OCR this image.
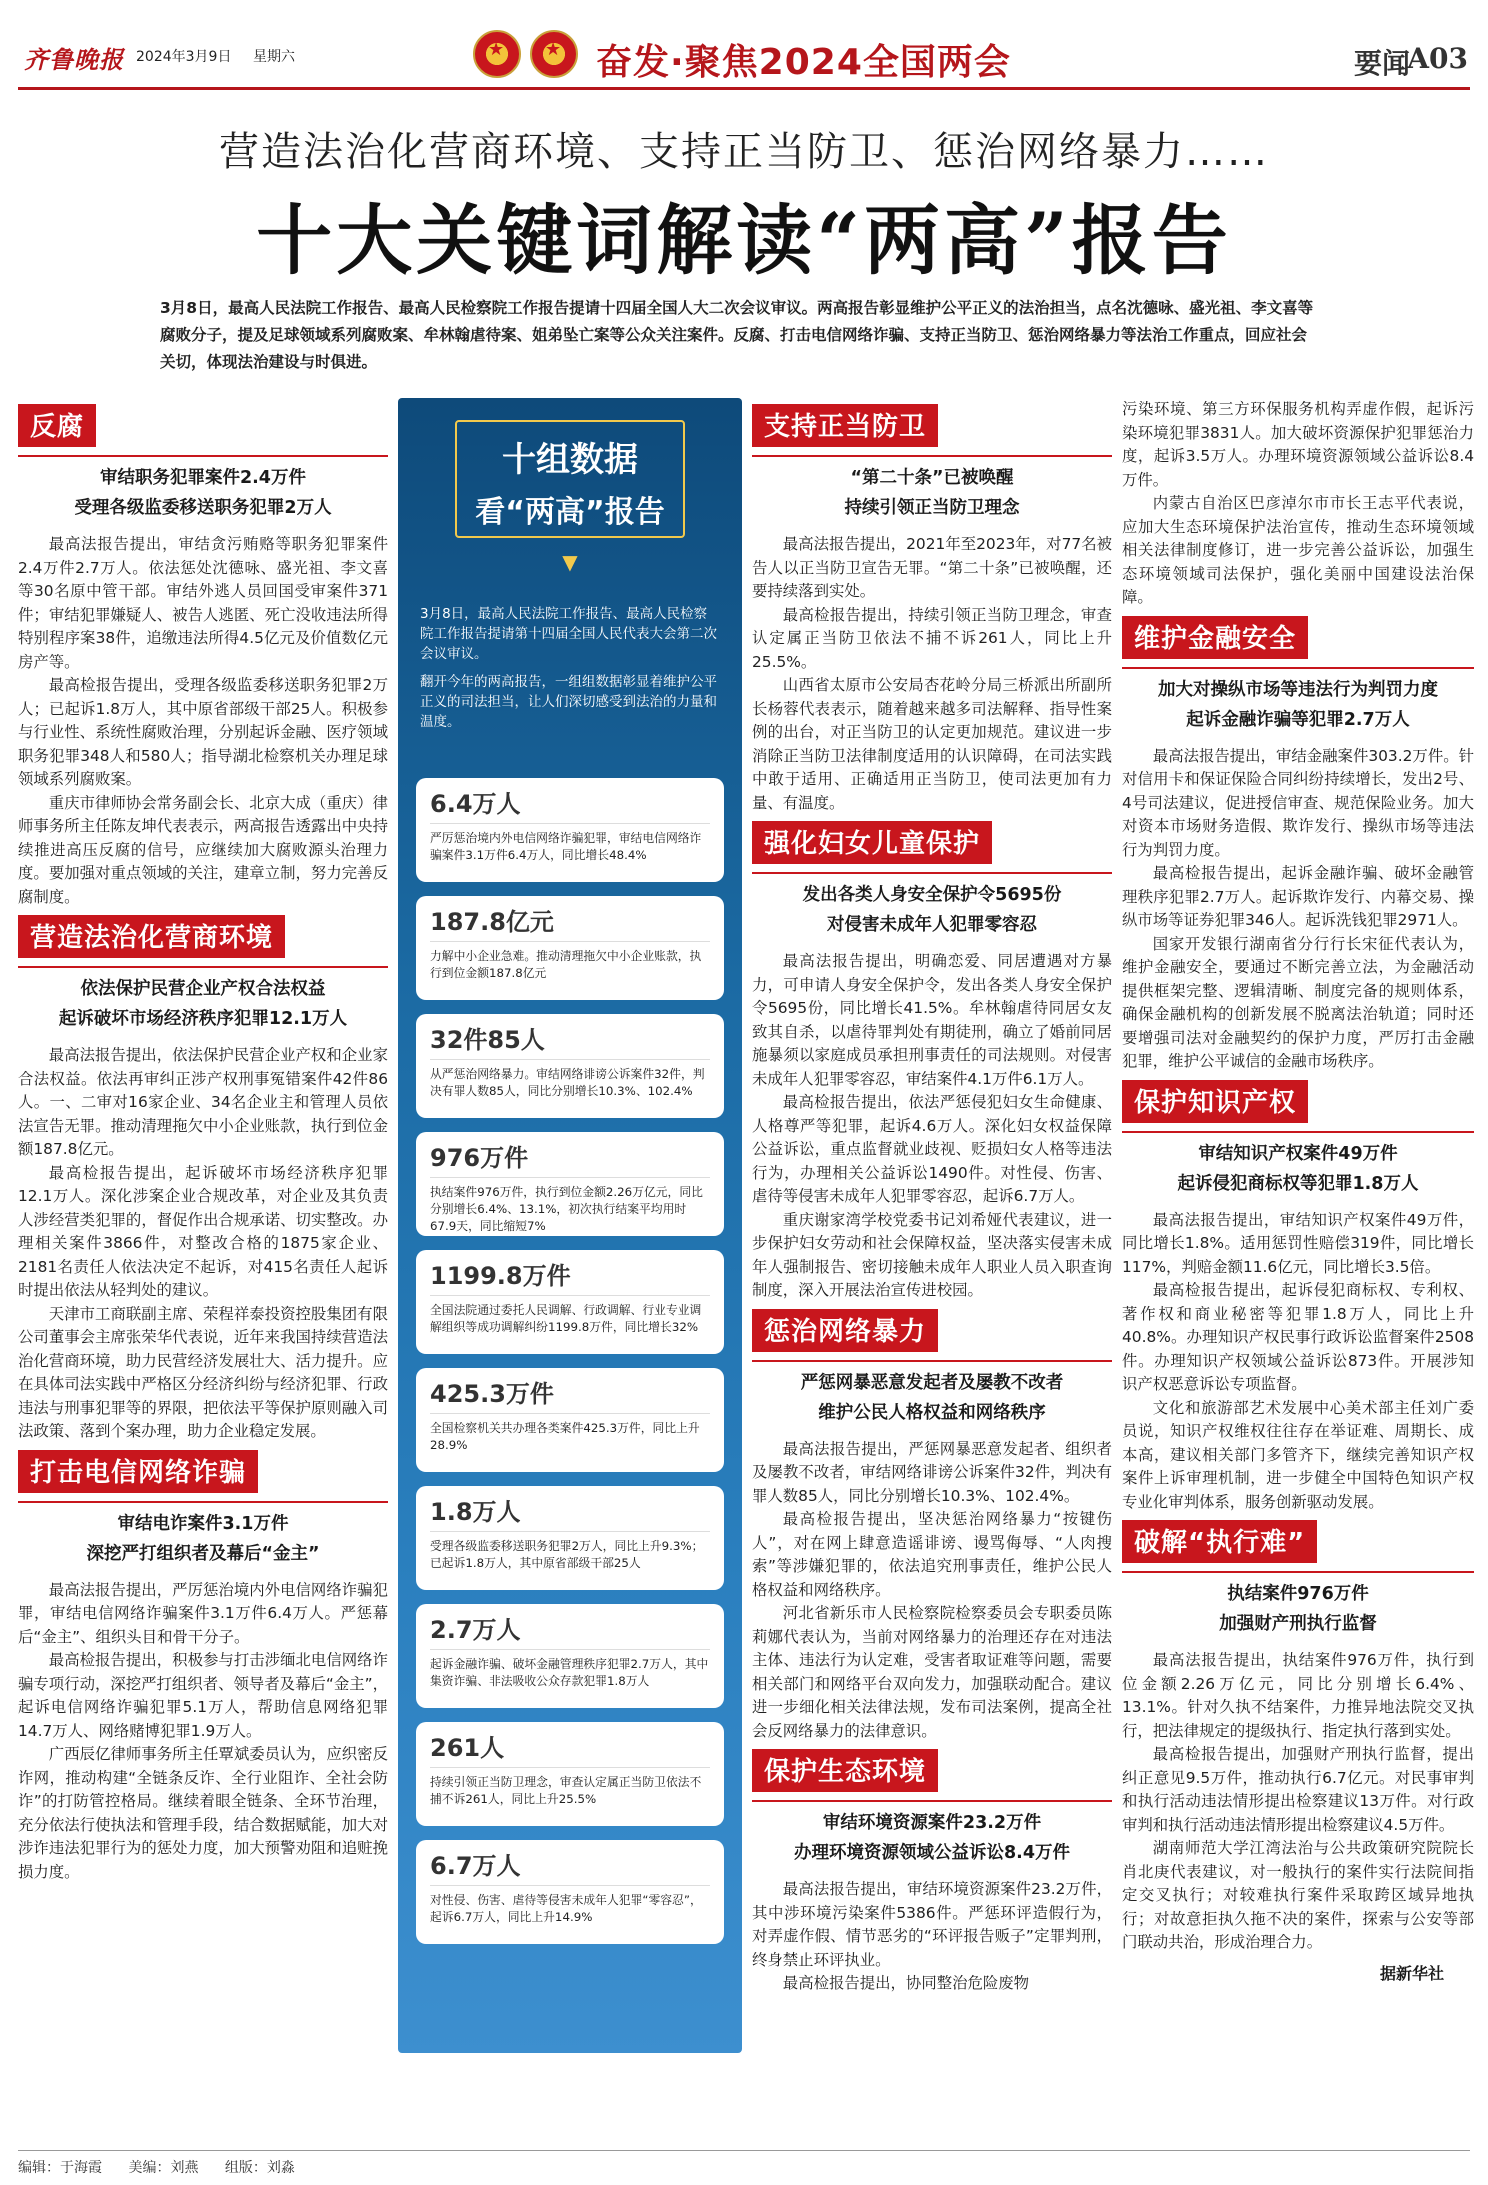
齐鲁晚报 2024年3月9日 星期六	★ ★ 奋发·聚焦2024全国两会	要闻
A03
营造法治化营商环境、支持正当防卫、惩治网络暴力……
十大关键词解读“两高”报告
3月8日，最高人民法院工作报告、最高人民检察院工作报告提请十四届全国人大二次会议审议。两高报告彰显维护公平正义的法治担当，点名沈德咏、盛光祖、李文喜等腐败分子，提及足球领域系列腐败案、牟林翰虐待案、姐弟坠亡案等公众关注案件。反腐、打击电信网络诈骗、支持正当防卫、惩治网络暴力等法治工作重点，回应社会关切，体现法治建设与时俱进。
反腐
审结职务犯罪案件2.4万件
受理各级监委移送职务犯罪2万人

最高法报告提出，审结贪污贿赂等职务犯罪案件2.4万件2.7万人。依法惩处沈德咏、盛光祖、李文喜等30名原中管干部。审结外逃人员回国受审案件371件；审结犯罪嫌疑人、被告人逃匿、死亡没收违法所得特别程序案38件，追缴违法所得4.5亿元及价值数亿元房产等。

最高检报告提出，受理各级监委移送职务犯罪2万人；已起诉1.8万人，其中原省部级干部25人。积极参与行业性、系统性腐败治理，分别起诉金融、医疗领域职务犯罪348人和580人；指导湖北检察机关办理足球领域系列腐败案。

重庆市律师协会常务副会长、北京大成（重庆）律师事务所主任陈友坤代表表示，两高报告透露出中央持续推进高压反腐的信号，应继续加大腐败源头治理力度。要加强对重点领域的关注，建章立制，努力完善反腐制度。

营造法治化营商环境
依法保护民营企业产权合法权益
起诉破坏市场经济秩序犯罪12.1万人

最高法报告提出，依法保护民营企业产权和企业家合法权益。依法再审纠正涉产权刑事冤错案件42件86人。一、二审对16家企业、34名企业主和管理人员依法宣告无罪。推动清理拖欠中小企业账款，执行到位金额187.8亿元。

最高检报告提出，起诉破坏市场经济秩序犯罪12.1万人。深化涉案企业合规改革，对企业及其负责人涉经营类犯罪的，督促作出合规承诺、切实整改。办理相关案件3866件，对整改合格的1875家企业、2181名责任人依法决定不起诉，对415名责任人起诉时提出依法从轻判处的建议。

天津市工商联副主席、荣程祥泰投资控股集团有限公司董事会主席张荣华代表说，近年来我国持续营造法治化营商环境，助力民营经济发展壮大、活力提升。应在具体司法实践中严格区分经济纠纷与经济犯罪、行政违法与刑事犯罪等的界限，把依法平等保护原则融入司法政策、落到个案办理，助力企业稳定发展。

打击电信网络诈骗
审结电诈案件3.1万件
深挖严打组织者及幕后“金主”

最高法报告提出，严厉惩治境内外电信网络诈骗犯罪，审结电信网络诈骗案件3.1万件6.4万人。严惩幕后“金主”、组织头目和骨干分子。

最高检报告提出，积极参与打击涉缅北电信网络诈骗专项行动，深挖严打组织者、领导者及幕后“金主”，起诉电信网络诈骗犯罪5.1万人，帮助信息网络犯罪14.7万人、网络赌博犯罪1.9万人。

广西辰亿律师事务所主任覃斌委员认为，应织密反诈网，推动构建“全链条反诈、全行业阻诈、全社会防诈”的打防管控格局。继续着眼全链条、全环节治理，充分依法行使执法和管理手段，结合数据赋能，加大对涉诈违法犯罪行为的惩处力度，加大预警劝阻和追赃挽损力度。

十组数据
看“两高”报告
▼

3月8日，最高人民法院工作报告、最高人民检察院工作报告提请第十四届全国人民代表大会第二次会议审议。

翻开今年的两高报告，一组组数据彰显着维护公平正义的司法担当，让人们深切感受到法治的力量和温度。

6.4万人
严厉惩治境内外电信网络诈骗犯罪，审结电信网络诈骗案件3.1万件6.4万人，同比增长48.4%
187.8亿元
力解中小企业急难。推动清理拖欠中小企业账款，执行到位金额187.8亿元
32件85人
从严惩治网络暴力。审结网络诽谤公诉案件32件，判决有罪人数85人，同比分别增长10.3%、102.4%
976万件
执结案件976万件，执行到位金额2.26万亿元，同比分别增长6.4%、13.1%，初次执行结案平均用时67.9天，同比缩短7%
1199.8万件
全国法院通过委托人民调解、行政调解、行业专业调解组织等成功调解纠纷1199.8万件，同比增长32%
425.3万件
全国检察机关共办理各类案件425.3万件，同比上升28.9%
1.8万人
受理各级监委移送职务犯罪2万人，同比上升9.3%；已起诉1.8万人，其中原省部级干部25人
2.7万人
起诉金融诈骗、破坏金融管理秩序犯罪2.7万人，其中集资诈骗、非法吸收公众存款犯罪1.8万人
261人
持续引领正当防卫理念，审查认定属正当防卫依法不捕不诉261人，同比上升25.5%
6.7万人
对性侵、伤害、虐待等侵害未成年人犯罪“零容忍”，起诉6.7万人，同比上升14.9%
支持正当防卫
“第二十条”已被唤醒
持续引领正当防卫理念

最高法报告提出，2021年至2023年，对77名被告人以正当防卫宣告无罪。“第二十条”已被唤醒，还要持续落到实处。

最高检报告提出，持续引领正当防卫理念，审查认定属正当防卫依法不捕不诉261人，同比上升25.5%。

山西省太原市公安局杏花岭分局三桥派出所副所长杨蓉代表表示，随着越来越多司法解释、指导性案例的出台，对正当防卫的认定更加规范。建议进一步消除正当防卫法律制度适用的认识障碍，在司法实践中敢于适用、正确适用正当防卫，使司法更加有力量、有温度。

强化妇女儿童保护
发出各类人身安全保护令5695份
对侵害未成年人犯罪零容忍

最高法报告提出，明确恋爱、同居遭遇对方暴力，可申请人身安全保护令，发出各类人身安全保护令5695份，同比增长41.5%。牟林翰虐待同居女友致其自杀，以虐待罪判处有期徒刑，确立了婚前同居施暴须以家庭成员承担刑事责任的司法规则。对侵害未成年人犯罪零容忍，审结案件4.1万件6.1万人。

最高检报告提出，依法严惩侵犯妇女生命健康、人格尊严等犯罪，起诉4.6万人。深化妇女权益保障公益诉讼，重点监督就业歧视、贬损妇女人格等违法行为，办理相关公益诉讼1490件。对性侵、伤害、虐待等侵害未成年人犯罪零容忍，起诉6.7万人。

重庆谢家湾学校党委书记刘希娅代表建议，进一步保护妇女劳动和社会保障权益，坚决落实侵害未成年人强制报告、密切接触未成年人职业人员入职查询制度，深入开展法治宣传进校园。

惩治网络暴力
严惩网暴恶意发起者及屡教不改者
维护公民人格权益和网络秩序

最高法报告提出，严惩网暴恶意发起者、组织者及屡教不改者，审结网络诽谤公诉案件32件，判决有罪人数85人，同比分别增长10.3%、102.4%。

最高检报告提出，坚决惩治网络暴力“按键伤人”，对在网上肆意造谣诽谤、谩骂侮辱、“人肉搜索”等涉嫌犯罪的，依法追究刑事责任，维护公民人格权益和网络秩序。

河北省新乐市人民检察院检察委员会专职委员陈莉娜代表认为，当前对网络暴力的治理还存在对违法主体、违法行为认定难，受害者取证难等问题，需要相关部门和网络平台双向发力，加强联动配合。建议进一步细化相关法律法规，发布司法案例，提高全社会反网络暴力的法律意识。

保护生态环境
审结环境资源案件23.2万件
办理环境资源领域公益诉讼8.4万件

最高法报告提出，审结环境资源案件23.2万件，其中涉环境污染案件5386件。严惩环评造假行为，对弄虚作假、情节恶劣的“环评报告贩子”定罪判刑，终身禁止环评执业。

最高检报告提出，协同整治危险废物

污染环境、第三方环保服务机构弄虚作假，起诉污染环境犯罪3831人。加大破坏资源保护犯罪惩治力度，起诉3.5万人。办理环境资源领域公益诉讼8.4万件。

内蒙古自治区巴彦淖尔市市长王志平代表说，应加大生态环境保护法治宣传，推动生态环境领域相关法律制度修订，进一步完善公益诉讼，加强生态环境领域司法保护，强化美丽中国建设法治保障。

维护金融安全
加大对操纵市场等违法行为判罚力度
起诉金融诈骗等犯罪2.7万人

最高法报告提出，审结金融案件303.2万件。针对信用卡和保证保险合同纠纷持续增长，发出2号、4号司法建议，促进授信审查、规范保险业务。加大对资本市场财务造假、欺诈发行、操纵市场等违法行为判罚力度。

最高检报告提出，起诉金融诈骗、破坏金融管理秩序犯罪2.7万人。起诉欺诈发行、内幕交易、操纵市场等证券犯罪346人。起诉洗钱犯罪2971人。

国家开发银行湖南省分行行长宋征代表认为，维护金融安全，要通过不断完善立法，为金融活动提供框架完整、逻辑清晰、制度完备的规则体系，确保金融机构的创新发展不脱离法治轨道；同时还要增强司法对金融契约的保护力度，严厉打击金融犯罪，维护公平诚信的金融市场秩序。

保护知识产权
审结知识产权案件49万件
起诉侵犯商标权等犯罪1.8万人

最高法报告提出，审结知识产权案件49万件，同比增长1.8%。适用惩罚性赔偿319件，同比增长117%，判赔金额11.6亿元，同比增长3.5倍。

最高检报告提出，起诉侵犯商标权、专利权、著作权和商业秘密等犯罪1.8万人，同比上升40.8%。办理知识产权民事行政诉讼监督案件2508件。办理知识产权领域公益诉讼873件。开展涉知识产权恶意诉讼专项监督。

文化和旅游部艺术发展中心美术部主任刘广委员说，知识产权维权往往存在举证难、周期长、成本高，建议相关部门多管齐下，继续完善知识产权案件上诉审理机制，进一步健全中国特色知识产权专业化审判体系，服务创新驱动发展。

破解“执行难”
执结案件976万件
加强财产刑执行监督

最高法报告提出，执结案件976万件，执行到位金额2.26万亿元，同比分别增长6.4%、13.1%。针对久执不结案件，力推异地法院交叉执行，把法律规定的提级执行、指定执行落到实处。

最高检报告提出，加强财产刑执行监督，提出纠正意见9.5万件，推动执行6.7亿元。对民事审判和执行活动违法情形提出检察建议13万件。对行政审判和执行活动违法情形提出检察建议4.5万件。

湖南师范大学江湾法治与公共政策研究院院长肖北庚代表建议，对一般执行的案件实行法院间指定交叉执行；对较难执行案件采取跨区域异地执行；对故意拒执久拖不决的案件，探索与公安等部门联动共治，形成治理合力。

据新华社
编辑：于海霞 美编：刘燕 组版：刘淼
